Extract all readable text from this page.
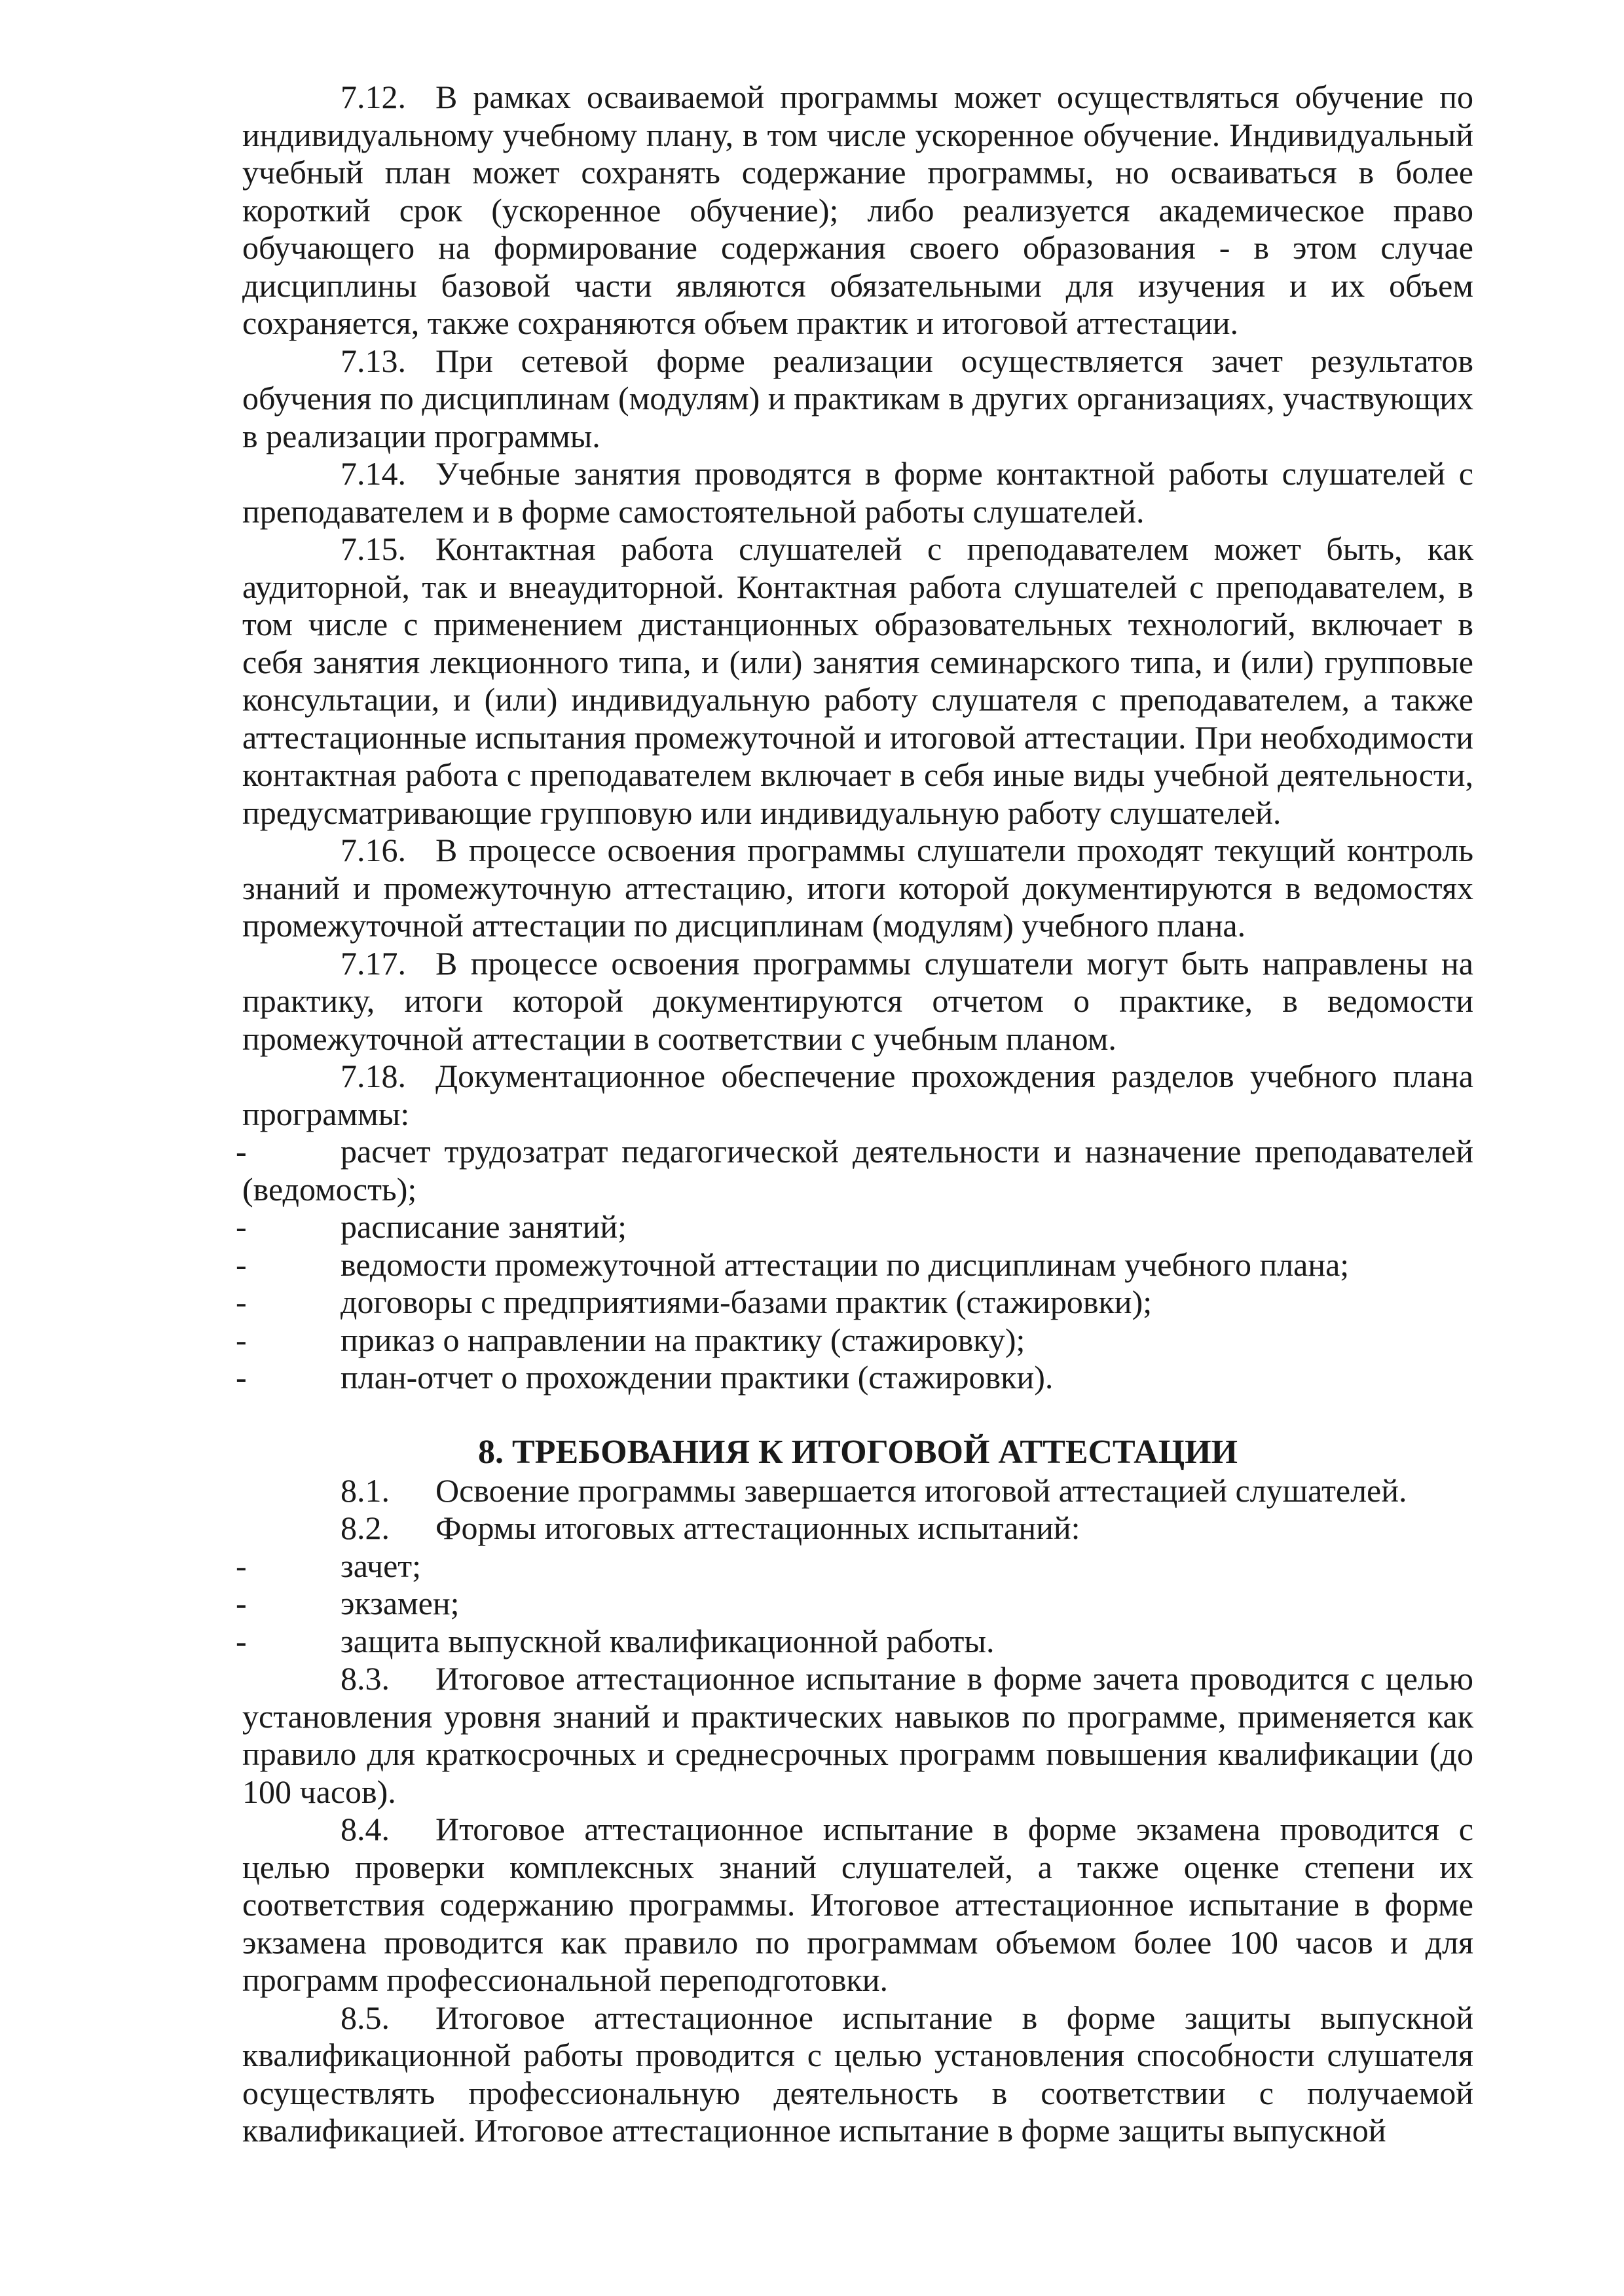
7.12. В рамках осваиваемой программы может осуществляться обучение по индивидуальному учебному плану, в том числе ускоренное обучение. Индивидуальный учебный план может сохранять содержание программы, но осваиваться в более короткий срок (ускоренное обучение); либо реализуется академическое право обучающего на формирование содержания своего образования - в этом случае дисциплины базовой части являются обязательными для изучения и их объем сохраняется, также сохраняются объем практик и итоговой аттестации.

7.13. При сетевой форме реализации осуществляется зачет результатов обучения по дисциплинам (модулям) и практикам в других организациях, участвующих в реализации программы.

7.14. Учебные занятия проводятся в форме контактной работы слушателей с преподавателем и в форме самостоятельной работы слушателей.

7.15. Контактная работа слушателей с преподавателем может быть, как аудиторной, так и внеаудиторной. Контактная работа слушателей с преподавателем, в том числе с применением дистанционных образовательных технологий, включает в себя занятия лекционного типа, и (или) занятия семинарского типа, и (или) групповые консультации, и (или) индивидуальную работу слушателя с преподавателем, а также аттестационные испытания промежуточной и итоговой аттестации. При необходимости контактная работа с преподавателем включает в себя иные виды учебной деятельности, предусматривающие групповую или индивидуальную работу слушателей.

7.16. В процессе освоения программы слушатели проходят текущий контроль знаний и промежуточную аттестацию, итоги которой документируются в ведомостях промежуточной аттестации по дисциплинам (модулям) учебного плана.

7.17. В процессе освоения программы слушатели могут быть направлены на практику, итоги которой документируются отчетом о практике, в ведомости промежуточной аттестации в соответствии с учебным планом.

7.18. Документационное обеспечение прохождения разделов учебного плана программы:

-	расчет трудозатрат педагогической деятельности и назначение преподавателей (ведомость);
-	расписание занятий;
-	ведомости промежуточной аттестации по дисциплинам учебного плана;
-	договоры с предприятиями-базами практик (стажировки);
-	приказ о направлении на практику (стажировку);
-	план-отчет о прохождении практики (стажировки).
8. ТРЕБОВАНИЯ К ИТОГОВОЙ АТТЕСТАЦИИ

8.1. Освоение программы завершается итоговой аттестацией слушателей.

8.2. Формы итоговых аттестационных испытаний:

-	зачет;
-	экзамен;
-	защита выпускной квалификационной работы.

8.3. Итоговое аттестационное испытание в форме зачета проводится с целью установления уровня знаний и практических навыков по программе, применяется как правило для краткосрочных и среднесрочных программ повышения квалификации (до 100 часов).

8.4. Итоговое аттестационное испытание в форме экзамена проводится с целью проверки комплексных знаний слушателей, а также оценке степени их соответствия содержанию программы. Итоговое аттестационное испытание в форме экзамена проводится как правило по программам объемом более 100 часов и для программ профессиональной переподготовки.

8.5. Итоговое аттестационное испытание в форме защиты выпускной квалификационной работы проводится с целью установления способности слушателя осуществлять профессиональную деятельность в соответствии с получаемой квалификацией. Итоговое аттестационное испытание в форме защиты выпускной
